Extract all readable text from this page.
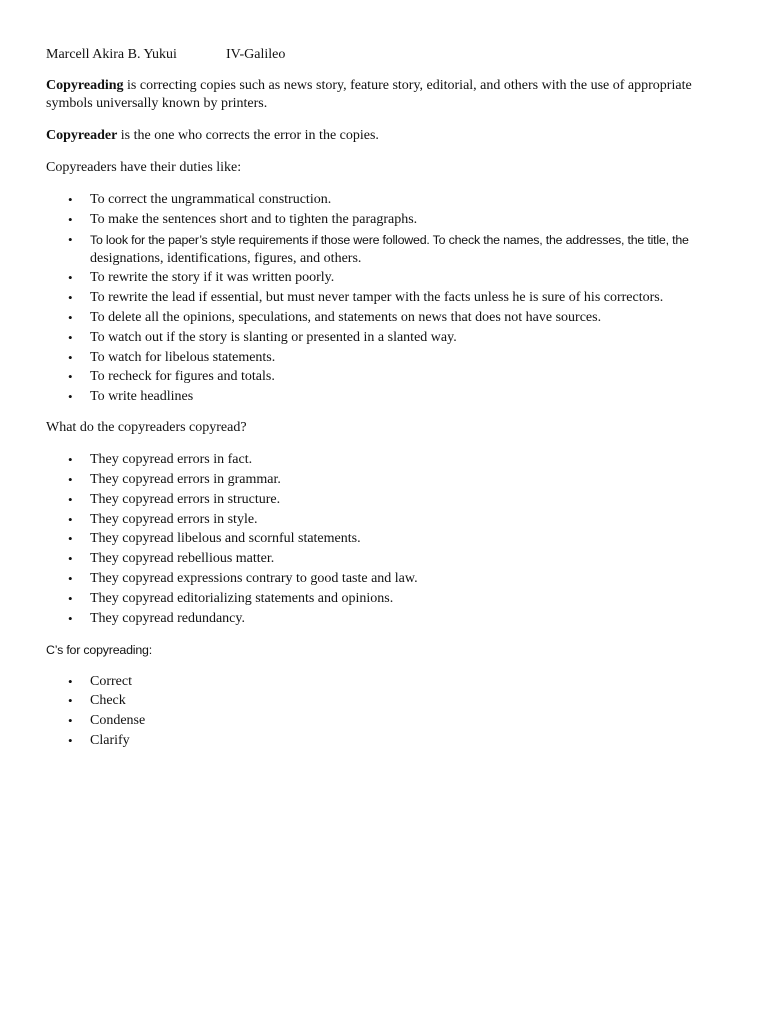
Marcell Akira B. Yukui	IV-Galileo

Copyreading is correcting copies such as news story, feature story, editorial, and others with the use of appropriate symbols universally known by printers.

Copyreader is the one who corrects the error in the copies.

Copyreaders have their duties like:

• To correct the ungrammatical construction.
• To make the sentences short and to tighten the paragraphs.
• To look for the paper’s style requirements if those were followed. To check the names, the addresses, the title, the
designations, identifications, figures, and others.
• To rewrite the story if it was written poorly.
• To rewrite the lead if essential, but must never tamper with the facts unless he is sure of his correctors.
• To delete all the opinions, speculations, and statements on news that does not have sources.
• To watch out if the story is slanting or presented in a slanted way.
• To watch for libelous statements.
• To recheck for figures and totals.
• To write headlines

What do the copyreaders copyread?

• They copyread errors in fact.
• They copyread errors in grammar.
• They copyread errors in structure.
• They copyread errors in style.
• They copyread libelous and scornful statements.
• They copyread rebellious matter.
• They copyread expressions contrary to good taste and law.
• They copyread editorializing statements and opinions.
• They copyread redundancy.

C’s for copyreading:

• Correct
• Check
• Condense
• Clarify
